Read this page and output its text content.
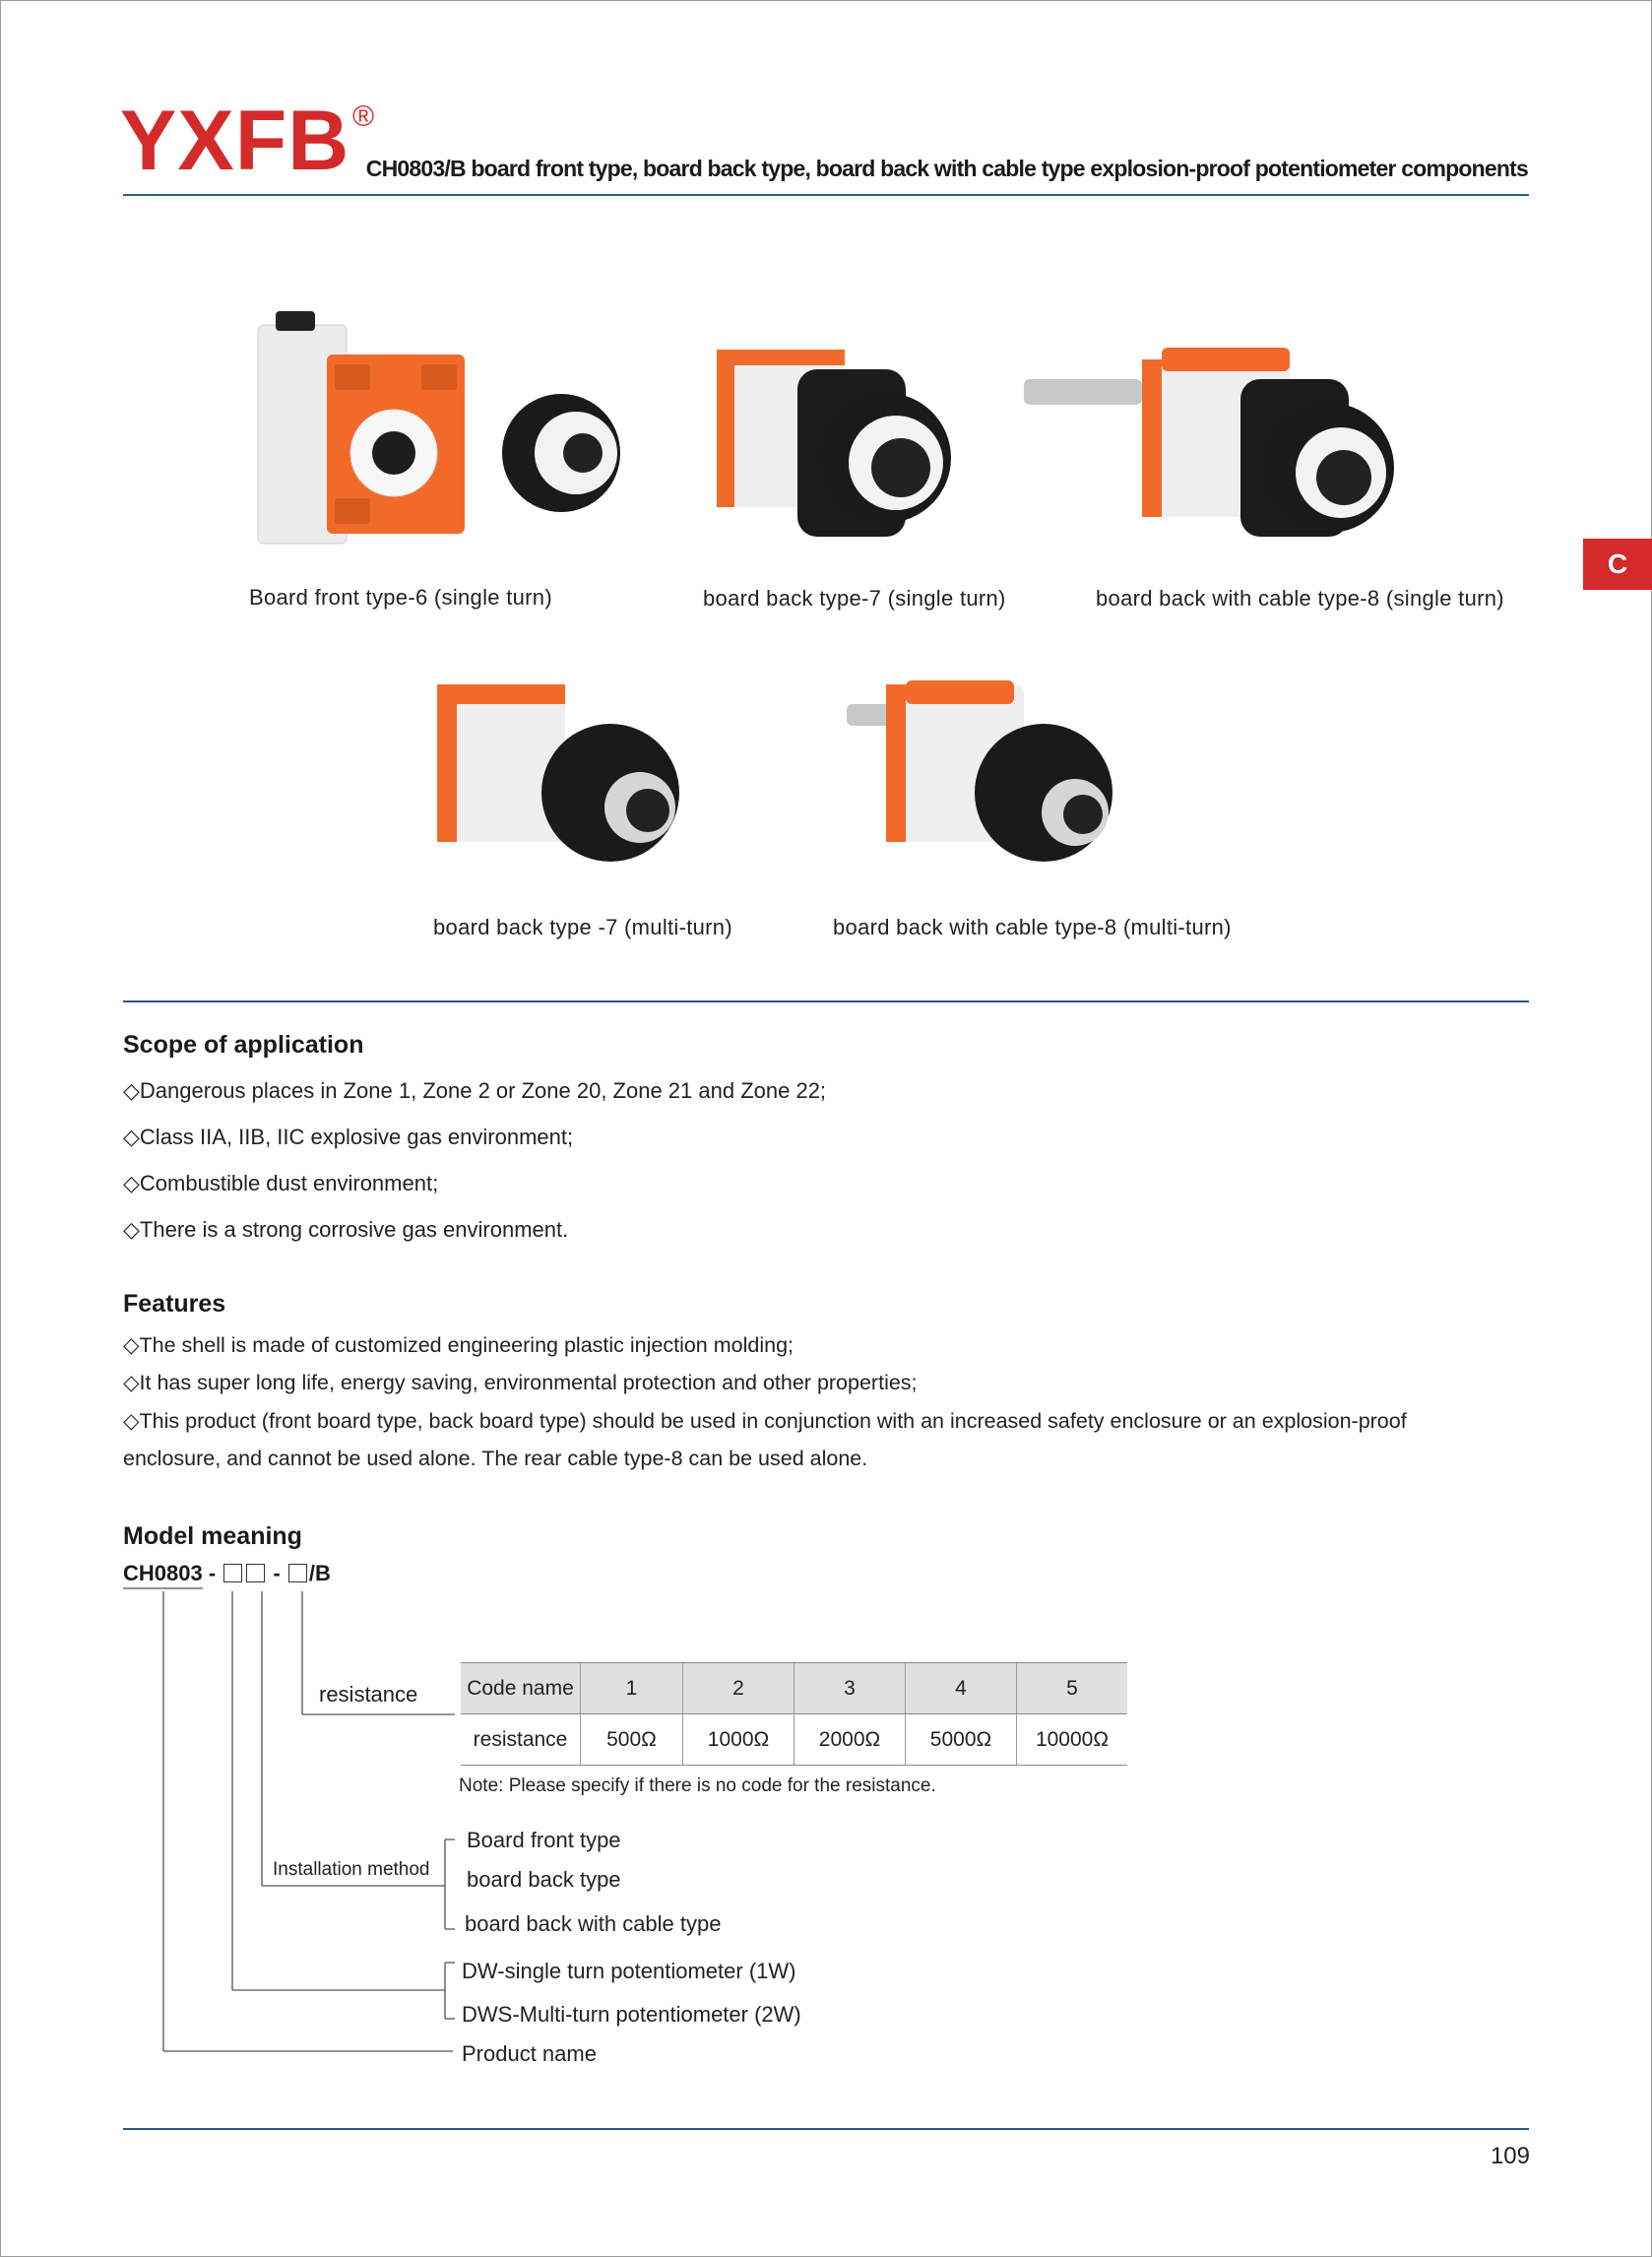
YXFB ®
CH0803/B board front type, board back type, board back with cable type explosion-proof potentiometer components
C
Board front type-6 (single turn)	board back type-7 (single turn)	board back with cable type-8 (single turn)
board back type -7 (multi-turn)	board back with cable type-8 (multi-turn)
Scope of application
◇Dangerous places in Zone 1, Zone 2 or Zone 20, Zone 21 and Zone 22;
◇Class IIA, IIB, IIC explosive gas environment;
◇Combustible dust environment;
◇There is a strong corrosive gas environment.
Features
◇The shell is made of customized engineering plastic injection molding;
◇It has super long life, energy saving, environmental protection and other properties;
◇This product (front board type, back board type) should be used in conjunction with an increased safety enclosure or an explosion-proof
enclosure, and cannot be used alone. The rear cable type-8 can be used alone.
Model meaning
CH0803 -  - /B
resistance Code name	1	2	3	4	5
resistance	500Ω	1000Ω	2000Ω	5000Ω	10000Ω
Note: Please specify if there is no code for the resistance.
Installation method
Board front type
board back type
board back with cable type
DW-single turn potentiometer (1W)
DWS-Multi-turn potentiometer (2W)
Product name
109
